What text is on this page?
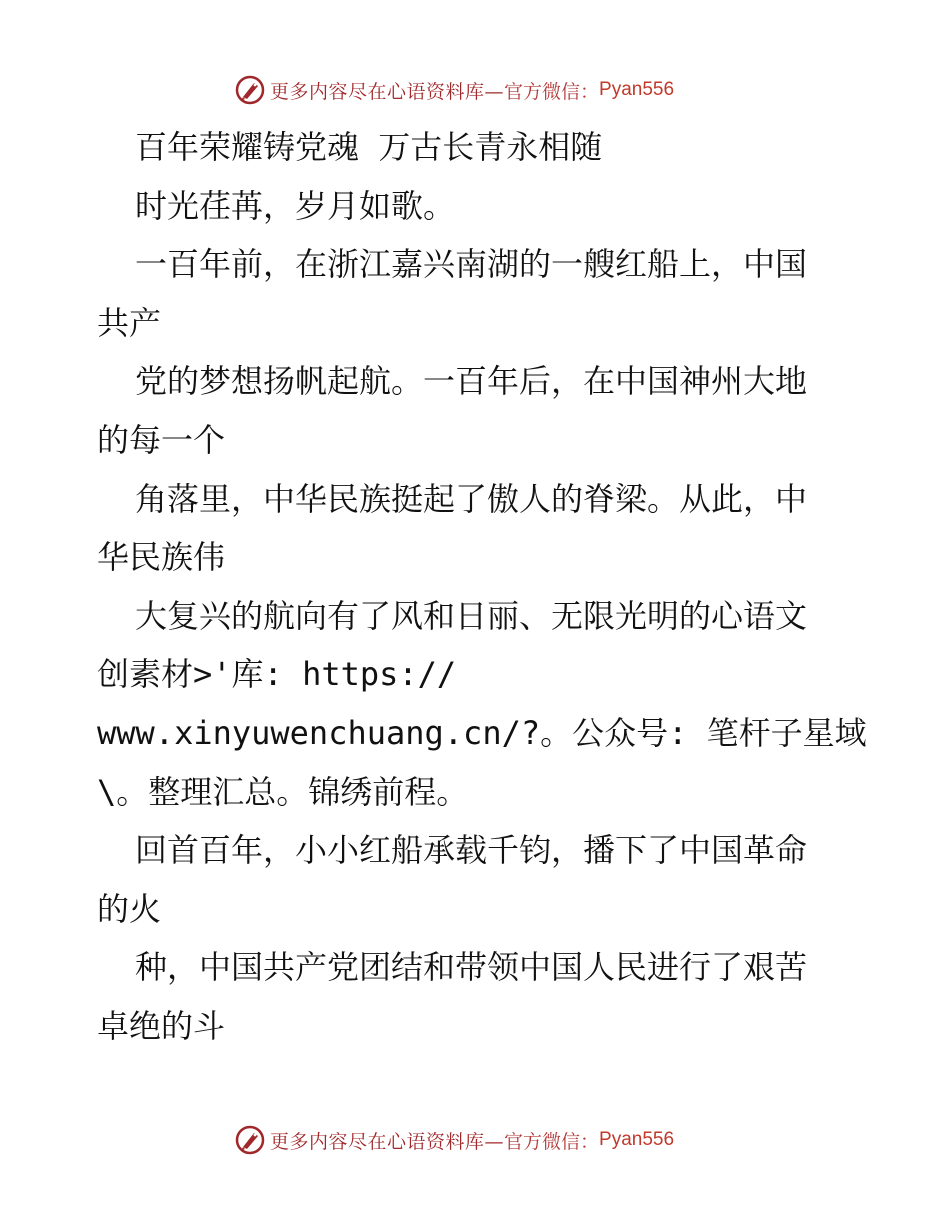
更多内容尽在心语资料库— 官方微信： Pyan556
百年荣耀铸党魂 万古长青永相随
时光荏苒，岁月如歌。
一百年前，在浙江嘉兴南湖的一艘红船上，中国
共产
党的梦想扬帆起航。一百年后，在中国神州大地
的每一个
角落里，中华民族挺起了傲人的脊梁。从此，中
华民族伟
大复兴的航向有了风和日丽、无限光明的心语文
创素材>'库: https://
www.xinyuwenchuang.cn/?。公众号: 笔杆子星域
\。整理汇总。锦绣前程。
回首百年，小小红船承载千钧，播下了中国革命
的火
种，中国共产党团结和带领中国人民进行了艰苦
卓绝的斗
更多内容尽在心语资料库— 官方微信： Pyan556
